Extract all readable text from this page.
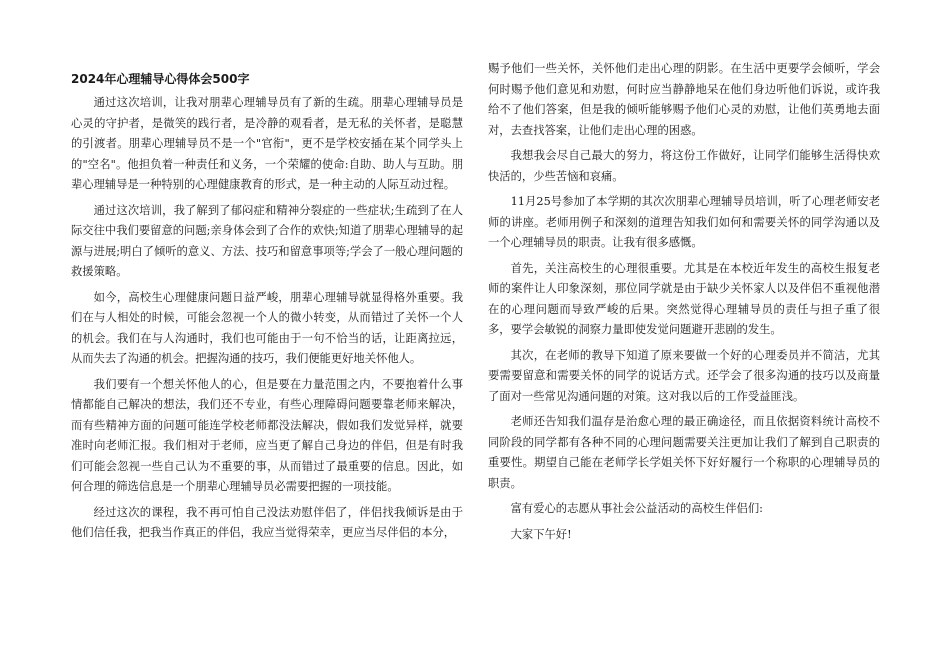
2024年心理辅导心得体会500字

通过这次培训，让我对朋辈心理辅导员有了新的生疏。朋辈心理辅导员是心灵的守护者，是微笑的践行者，是冷静的观看者，是无私的关怀者，是聪慧的引渡者。朋辈心理辅导员不是一个"官衔"，更不是学校安插在某个同学头上的"空名"。他担负着一种责任和义务，一个荣耀的使命:自助、助人与互助。朋辈心理辅导是一种特别的心理健康教育的形式，是一种主动的人际互动过程。

通过这次培训，我了解到了郁闷症和精神分裂症的一些症状;生疏到了在人际交往中我们要留意的问题;亲身体会到了合作的欢快;知道了朋辈心理辅导的起源与进展;明白了倾听的意义、方法、技巧和留意事项等;学会了一般心理问题的救援策略。

如今，高校生心理健康问题日益严峻，朋辈心理辅导就显得格外重要。我们在与人相处的时候，可能会忽视一个人的微小转变，从而错过了关怀一个人的机会。我们在与人沟通时，我们也可能由于一句不恰当的话，让距离拉远，从而失去了沟通的机会。把握沟通的技巧，我们便能更好地关怀他人。

我们要有一个想关怀他人的心，但是要在力量范围之内，不要抱着什么事情都能自己解决的想法，我们还不专业，有些心理障碍问题要靠老师来解决，而有些精神方面的问题可能连学校老师都没法解决，假如我们发觉异样，就要准时向老师汇报。我们相对于老师，应当更了解自己身边的伴侣，但是有时我们可能会忽视一些自己认为不重要的事，从而错过了最重要的信息。因此，如何合理的筛选信息是一个朋辈心理辅导员必需要把握的一项技能。

经过这次的课程，我不再可怕自己没法劝慰伴侣了，伴侣找我倾诉是由于他们信任我，把我当作真正的伴侣，我应当觉得荣幸，更应当尽伴侣的本分，

赐予他们一些关怀，关怀他们走出心理的阴影。在生活中更要学会倾听，学会何时赐予他们意见和劝慰，何时应当静静地呆在他们身边听他们诉说，或许我给不了他们答案，但是我的倾听能够赐予他们心灵的劝慰，让他们英勇地去面对，去查找答案，让他们走出心理的困惑。

我想我会尽自己最大的努力，将这份工作做好，让同学们能够生活得快欢快活的，少些苦恼和哀痛。

11月25号参加了本学期的其次次朋辈心理辅导员培训，听了心理老师安老师的讲座。老师用例子和深刻的道理告知我们如何和需要关怀的同学沟通以及一个心理辅导员的职责。让我有很多感慨。

首先，关注高校生的心理很重要。尤其是在本校近年发生的高校生报复老师的案件让人印象深刻，那位同学就是由于缺少关怀家人以及伴侣不重视他潜在的心理问题而导致严峻的后果。突然觉得心理辅导员的责任与担子重了很多，要学会敏锐的洞察力量即使发觉问题避开悲剧的发生。

其次，在老师的教导下知道了原来要做一个好的心理委员并不简洁，尤其要需要留意和需要关怀的同学的说话方式。还学会了很多沟通的技巧以及商量了面对一些常见沟通问题的对策。这对我以后的工作受益匪浅。

老师还告知我们温存是治愈心理的最正确途径，而且依据资料统计高校不同阶段的同学都有各种不同的心理问题需要关注更加让我们了解到自己职责的重要性。期望自己能在老师学长学姐关怀下好好履行一个称职的心理辅导员的职责。

富有爱心的志愿从事社会公益活动的高校生伴侣们:

大家下午好!
